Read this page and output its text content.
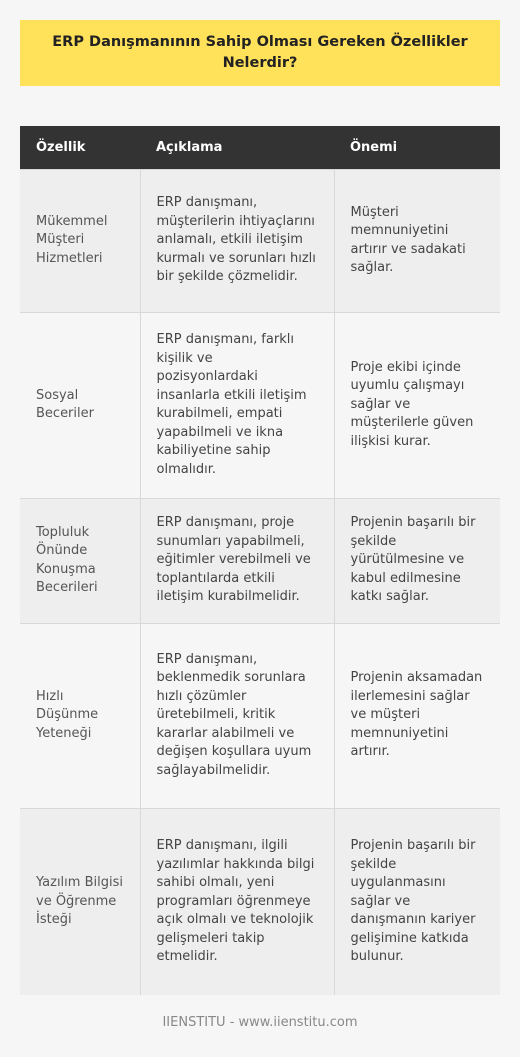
ERP Danışmanının Sahip Olması Gereken Özellikler Nelerdir?
Özellik	Açıklama	Önemi
Mükemmel Müşteri Hizmetleri	ERP danışmanı, müşterilerin ihtiyaçlarını anlamalı, etkili iletişim kurmalı ve sorunları hızlı bir şekilde çözmelidir.	Müşteri memnuniyetini artırır ve sadakati sağlar.
Sosyal Beceriler	ERP danışmanı, farklı kişilik ve pozisyonlardaki insanlarla etkili iletişim kurabilmeli, empati yapabilmeli ve ikna kabiliyetine sahip olmalıdır.	Proje ekibi içinde uyumlu çalışmayı sağlar ve müşterilerle güven ilişkisi kurar.
Topluluk Önünde Konuşma Becerileri	ERP danışmanı, proje sunumları yapabilmeli, eğitimler verebilmeli ve toplantılarda etkili iletişim kurabilmelidir.	Projenin başarılı bir şekilde yürütülmesine ve kabul edilmesine katkı sağlar.
Hızlı Düşünme Yeteneği	ERP danışmanı, beklenmedik sorunlara hızlı çözümler üretebilmeli, kritik kararlar alabilmeli ve değişen koşullara uyum sağlayabilmelidir.	Projenin aksamadan ilerlemesini sağlar ve müşteri memnuniyetini artırır.
Yazılım Bilgisi ve Öğrenme İsteği	ERP danışmanı, ilgili yazılımlar hakkında bilgi sahibi olmalı, yeni programları öğrenmeye açık olmalı ve teknolojik gelişmeleri takip etmelidir.	Projenin başarılı bir şekilde uygulanmasını sağlar ve danışmanın kariyer gelişimine katkıda bulunur.
IIENSTITU - www.iienstitu.com
